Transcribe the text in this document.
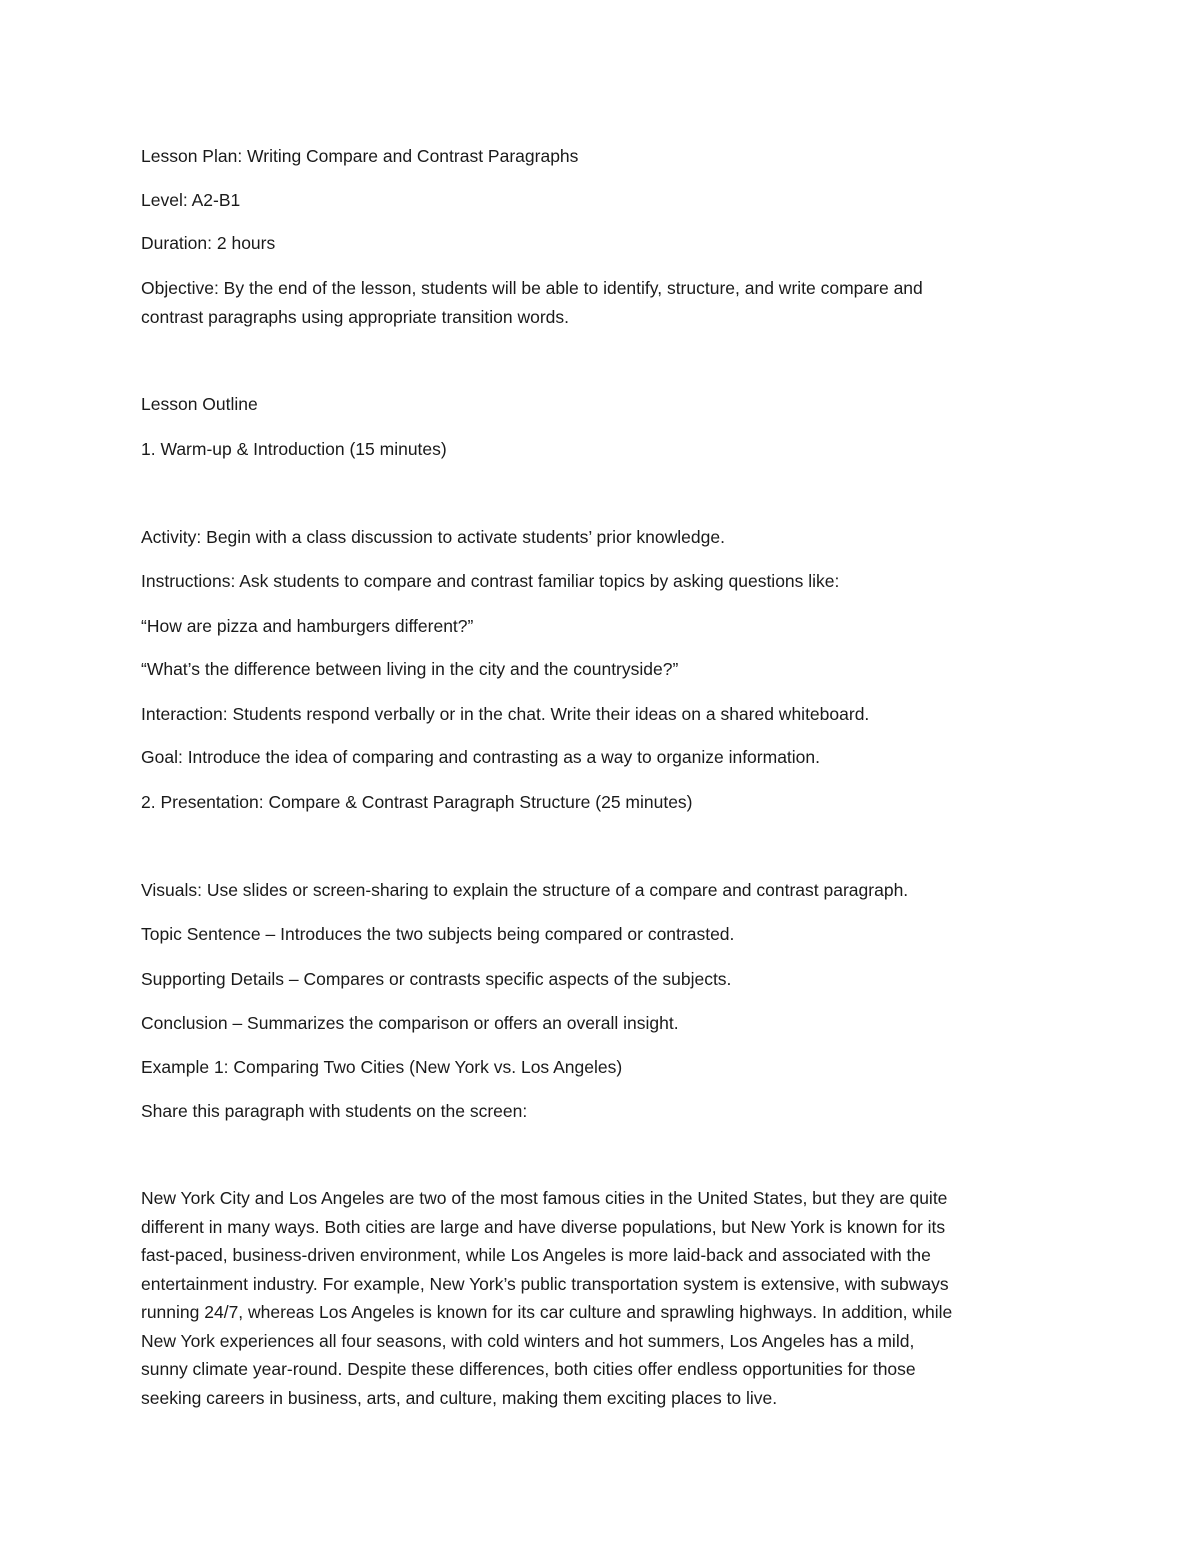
Lesson Plan: Writing Compare and Contrast Paragraphs

Level: A2-B1

Duration: 2 hours

Objective: By the end of the lesson, students will be able to identify, structure, and write compare and
contrast paragraphs using appropriate transition words.

Lesson Outline

1. Warm-up & Introduction (15 minutes)

Activity: Begin with a class discussion to activate students’ prior knowledge.

Instructions: Ask students to compare and contrast familiar topics by asking questions like:

“How are pizza and hamburgers different?”

“What’s the difference between living in the city and the countryside?”

Interaction: Students respond verbally or in the chat. Write their ideas on a shared whiteboard.

Goal: Introduce the idea of comparing and contrasting as a way to organize information.

2. Presentation: Compare & Contrast Paragraph Structure (25 minutes)

Visuals: Use slides or screen-sharing to explain the structure of a compare and contrast paragraph.

Topic Sentence – Introduces the two subjects being compared or contrasted.

Supporting Details – Compares or contrasts specific aspects of the subjects.

Conclusion – Summarizes the comparison or offers an overall insight.

Example 1: Comparing Two Cities (New York vs. Los Angeles)

Share this paragraph with students on the screen:

New York City and Los Angeles are two of the most famous cities in the United States, but they are quite
different in many ways. Both cities are large and have diverse populations, but New York is known for its
fast-paced, business-driven environment, while Los Angeles is more laid-back and associated with the
entertainment industry. For example, New York’s public transportation system is extensive, with subways
running 24/7, whereas Los Angeles is known for its car culture and sprawling highways. In addition, while
New York experiences all four seasons, with cold winters and hot summers, Los Angeles has a mild,
sunny climate year-round. Despite these differences, both cities offer endless opportunities for those
seeking careers in business, arts, and culture, making them exciting places to live.
